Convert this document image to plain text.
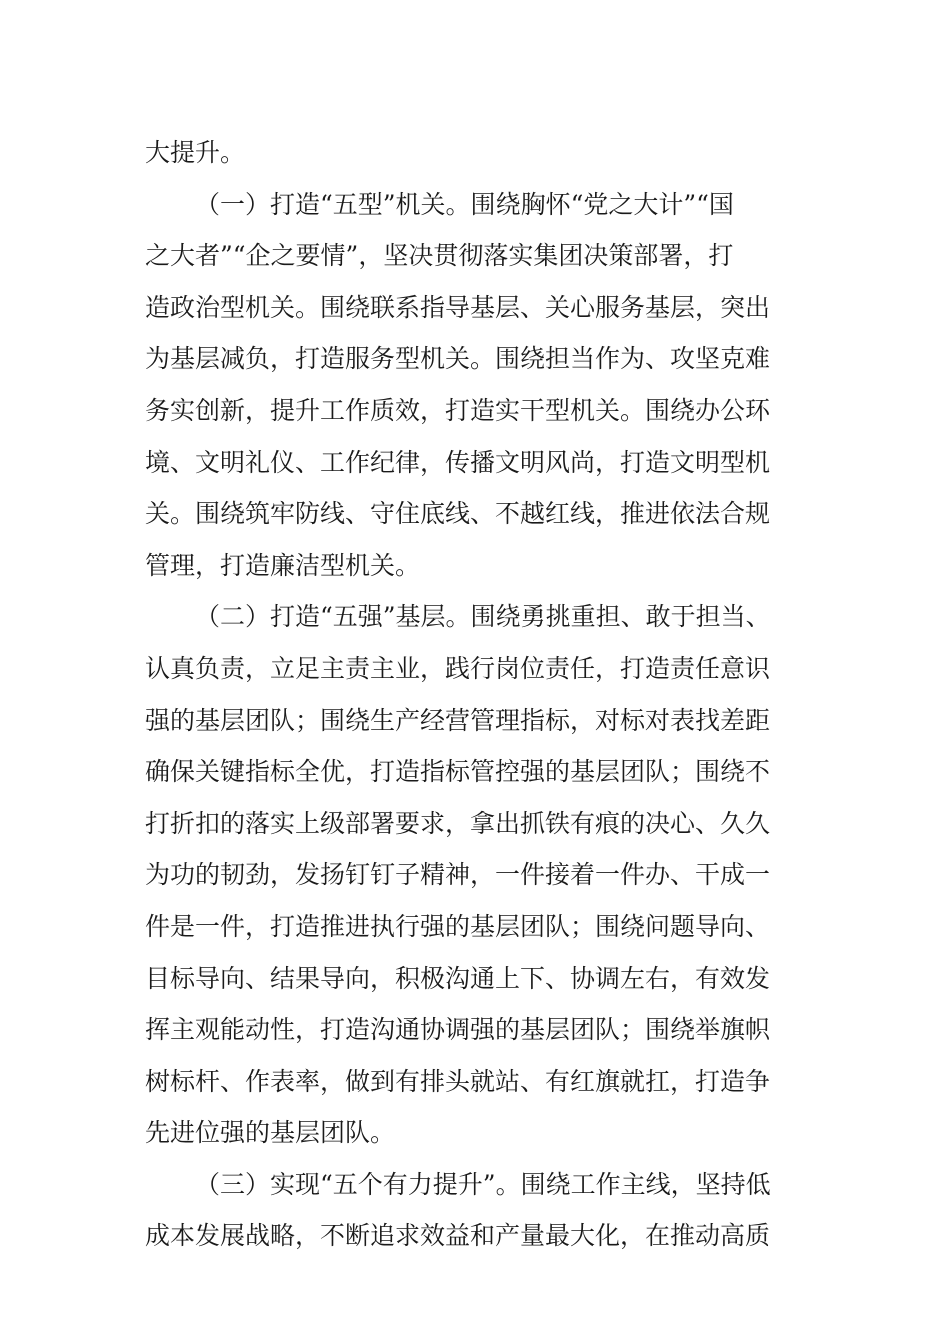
大提升。
（一）打造“五型”机关。围绕胸怀“党之大计”“国
之大者”“企之要情”，坚决贯彻落实集团决策部署，打
造政治型机关。围绕联系指导基层、关心服务基层，突出
为基层减负，打造服务型机关。围绕担当作为、攻坚克难
务实创新，提升工作质效，打造实干型机关。围绕办公环
境、文明礼仪、工作纪律，传播文明风尚，打造文明型机
关。围绕筑牢防线、守住底线、不越红线，推进依法合规
管理，打造廉洁型机关。
（二）打造“五强”基层。围绕勇挑重担、敢于担当、
认真负责，立足主责主业，践行岗位责任，打造责任意识
强的基层团队；围绕生产经营管理指标，对标对表找差距
确保关键指标全优，打造指标管控强的基层团队；围绕不
打折扣的落实上级部署要求，拿出抓铁有痕的决心、久久
为功的韧劲，发扬钉钉子精神，一件接着一件办、干成一
件是一件，打造推进执行强的基层团队；围绕问题导向、
目标导向、结果导向，积极沟通上下、协调左右，有效发
挥主观能动性，打造沟通协调强的基层团队；围绕举旗帜
树标杆、作表率，做到有排头就站、有红旗就扛，打造争
先进位强的基层团队。
（三）实现“五个有力提升”。围绕工作主线，坚持低
成本发展战略，不断追求效益和产量最大化，在推动高质
